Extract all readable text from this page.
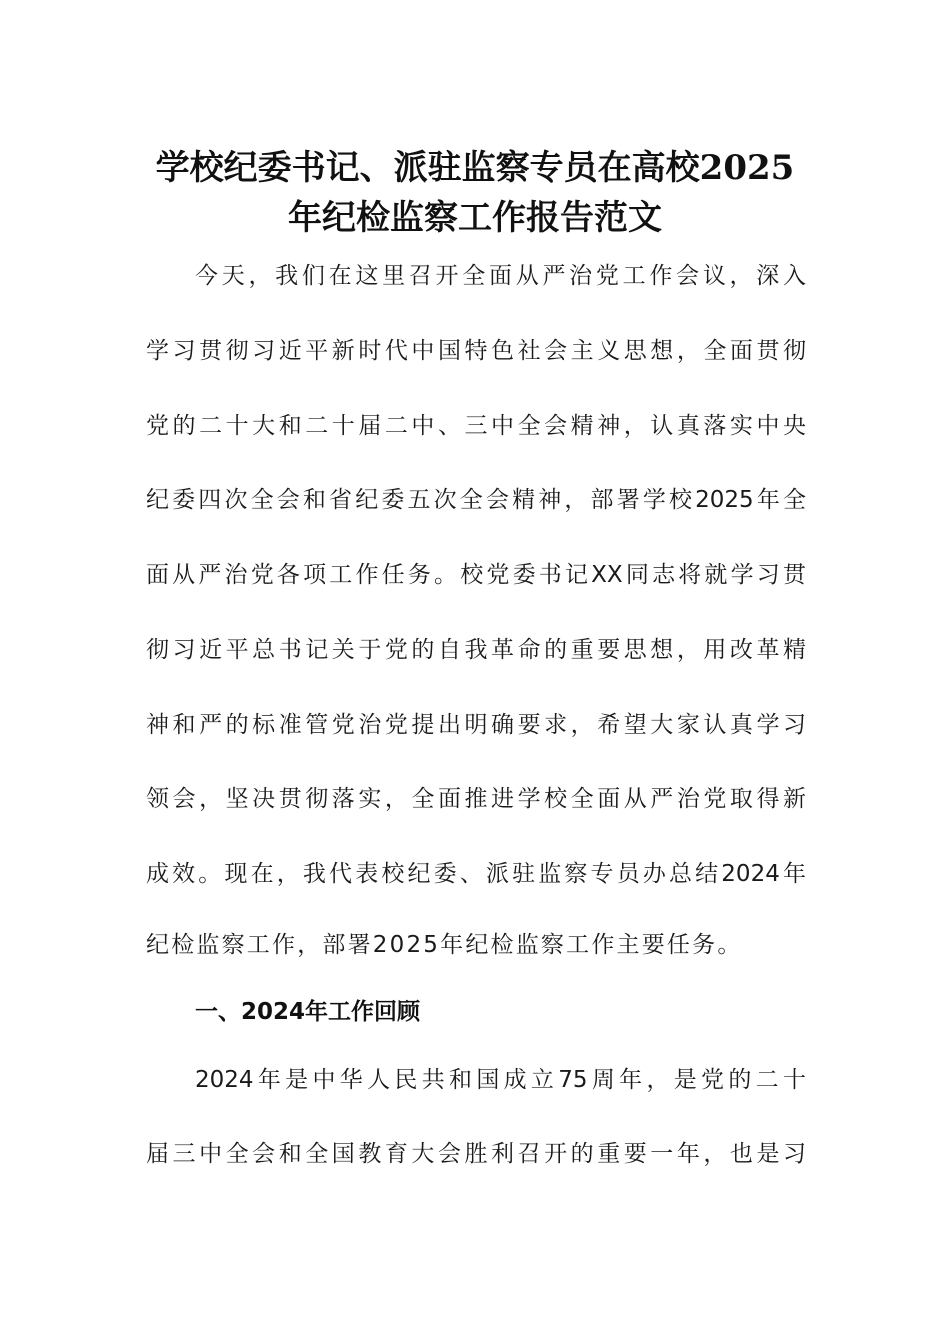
学校纪委书记、派驻监察专员在高校2025
年纪检监察工作报告范文
今天，我们在这里召开全面从严治党工作会议，深入
学习贯彻习近平新时代中国特色社会主义思想，全面贯彻
党的二十大和二十届二中、三中全会精神，认真落实中央
纪委四次全会和省纪委五次全会精神，部署学校2025年全
面从严治党各项工作任务。校党委书记XX同志将就学习贯
彻习近平总书记关于党的自我革命的重要思想，用改革精
神和严的标准管党治党提出明确要求，希望大家认真学习
领会，坚决贯彻落实，全面推进学校全面从严治党取得新
成效。现在，我代表校纪委、派驻监察专员办总结2024年
纪检监察工作，部署2025年纪检监察工作主要任务。
一、2024年工作回顾
2024年是中华人民共和国成立75周年，是党的二十
届三中全会和全国教育大会胜利召开的重要一年，也是习
